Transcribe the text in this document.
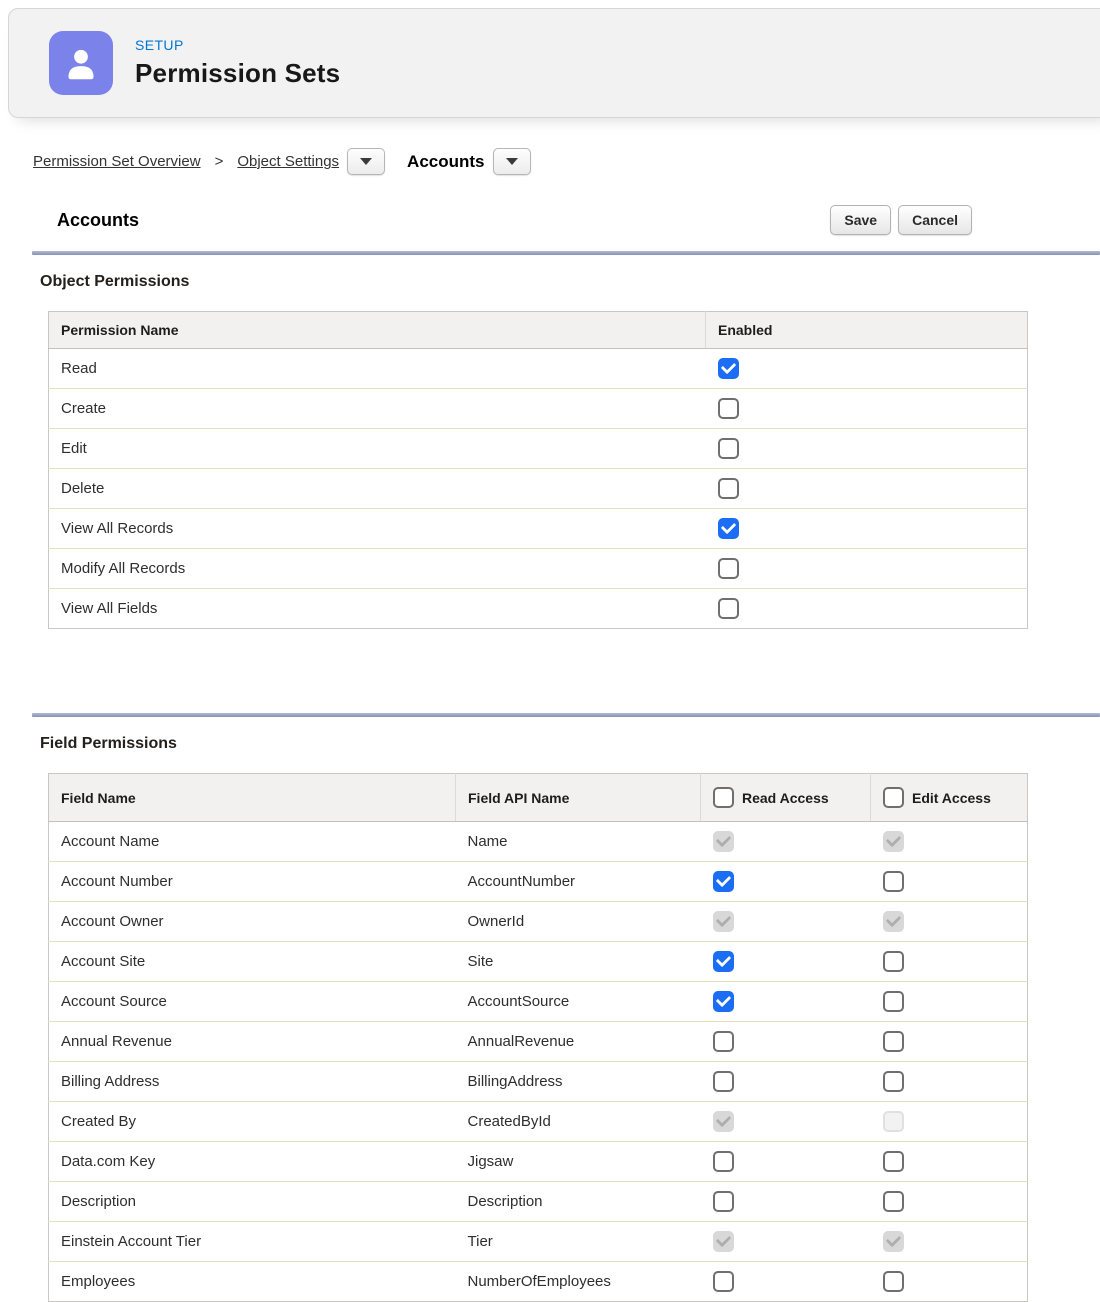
SETUP
Permission Sets
Permission Set Overview > Object Settings	Accounts
Accounts	Save	Cancel
Object Permissions
Permission Name	Enabled
Read	
Create	
Edit	
Delete	
View All Records	
Modify All Records	
View All Fields	
Field Permissions
Field Name	Field API Name	Read Access	Edit Access

Account Name	Name		
Account Number	AccountNumber		
Account Owner	OwnerId		
Account Site	Site		
Account Source	AccountSource		
Annual Revenue	AnnualRevenue		
Billing Address	BillingAddress		
Created By	CreatedById		
Data.com Key	Jigsaw		
Description	Description		
Einstein Account Tier	Tier		
Employees	NumberOfEmployees		
